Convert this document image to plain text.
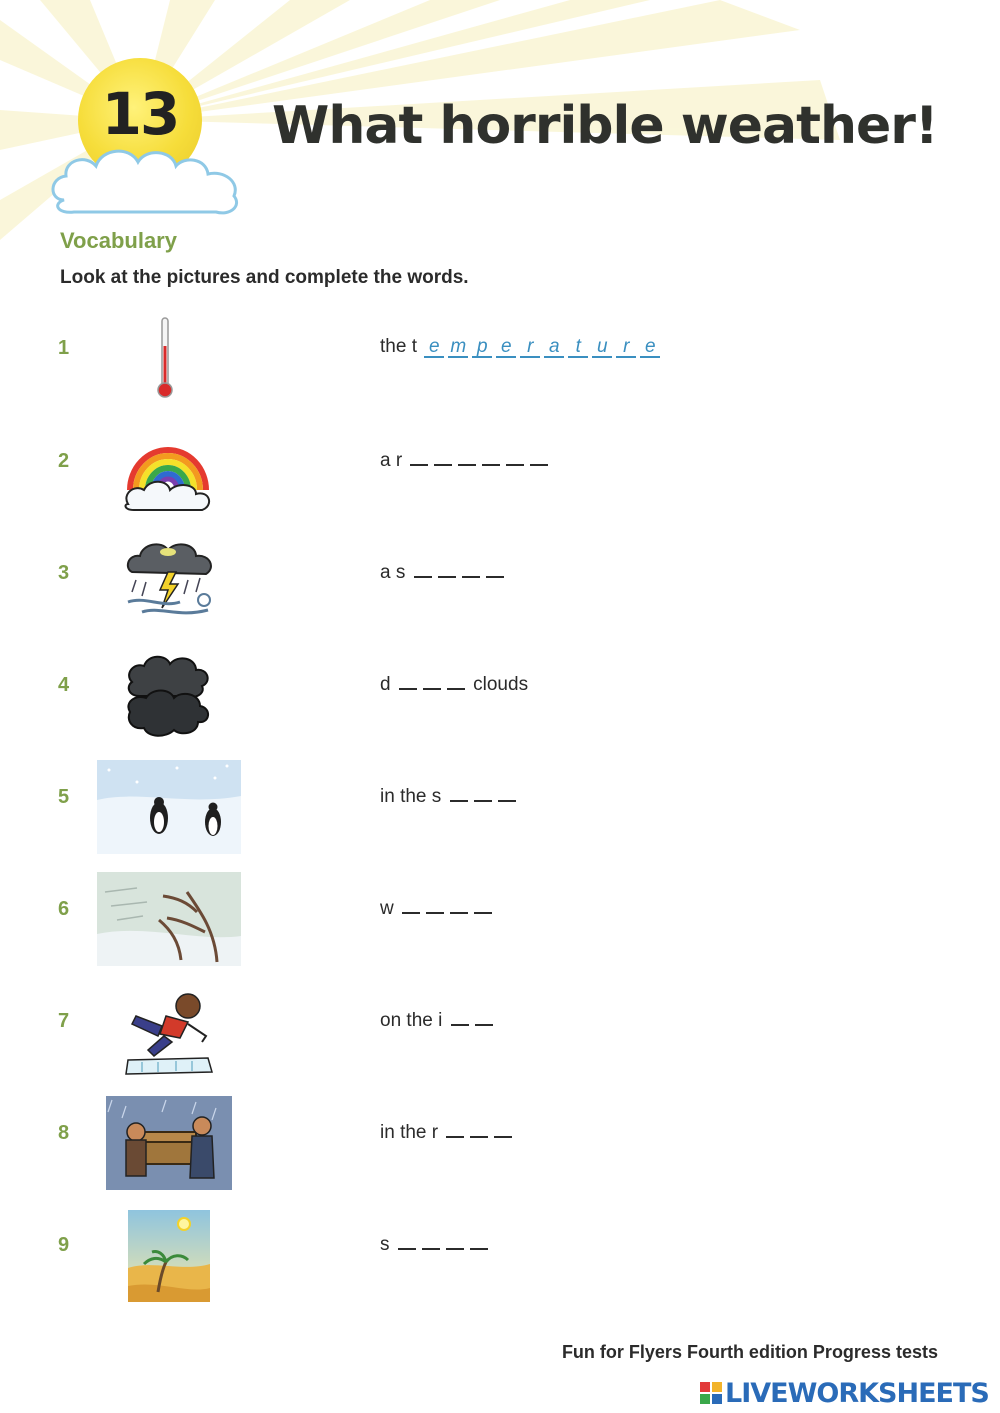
13	What horrible weather!
Vocabulary
Look at the pictures and complete the words.
1	the t e m p e r a t u r e
2	a r
3	a s
4	d	clouds
5	in the s
6	w
7	on the i
8	in the r
9	s
Fun for Flyers Fourth edition Progress tests
LIVEWORKSHEETS
